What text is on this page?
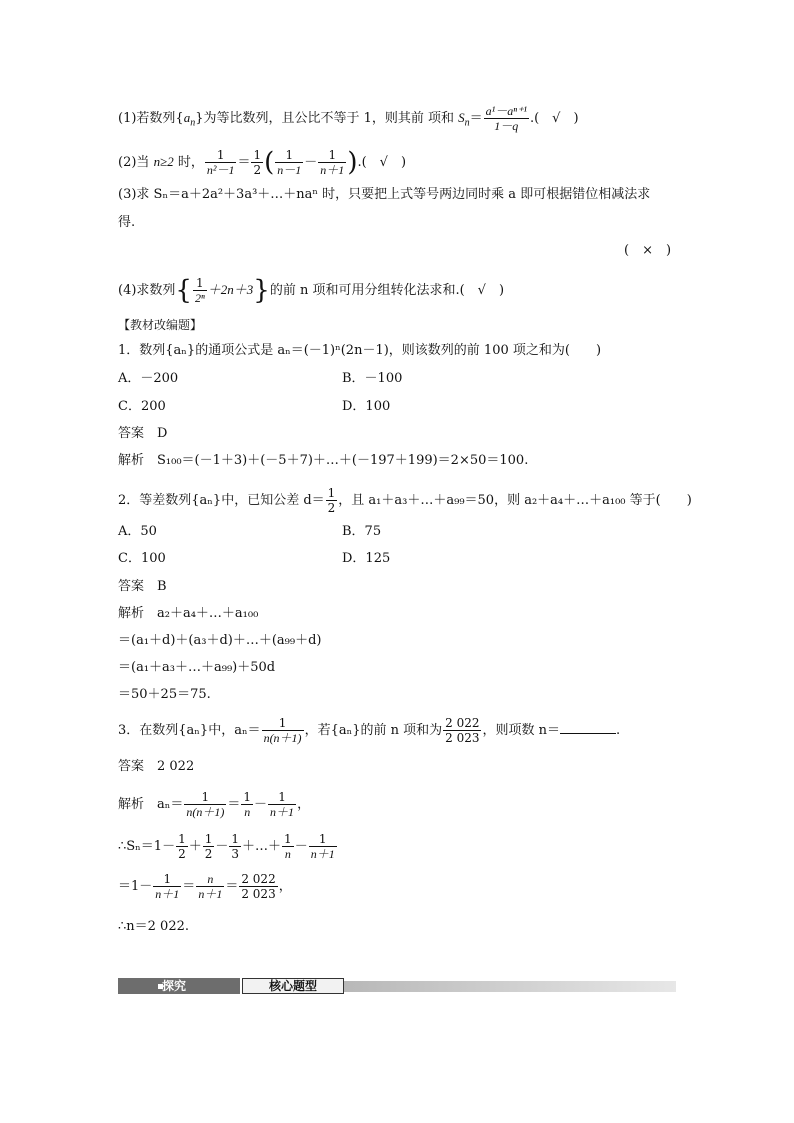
(1)若数列$\{a_n\}$为等比数列，且公比不等于 1，则其前 项和 $S_n= \frac{\text{a¹－aⁿ⁺¹}}{1-q}$ .(　√　)
(2)当 n≥2 时， $\frac{1}{\text{n²－1}} = \frac{1}{2}$ ( $\frac{1}{n-1} - \frac{1}{n+1}$ ).(　√　)
(3)求 Sₙ＝a＋2a²＋3a³＋…＋naⁿ 时，只要把上式等号两边同时乘 a 即可根据错位相减法求
得.
(　×　)
(4)求数列{ $\frac{1}{\text{2ⁿ}} +2n+3$}的前 n 项和可用分组转化法求和.(　√　)
【教材改编题】
1．数列{aₙ}的通项公式是 aₙ＝(－1)ⁿ(2n－1)，则该数列的前 100 项之和为(　　)
A．－200	B．－100
C．200	D．100
答案　D
解析　S₁₀₀＝(－1＋3)＋(－5＋7)＋…＋(－197＋199)＝2×50＝100.
2．等差数列{aₙ}中，已知公差 $d= \frac{1}{2}$ ，且 a₁＋a₃＋…＋a₉₉＝50，则 a₂＋a₄＋…＋a₁₀₀ 等于(　　)
A．50	B．75
C．100	D．125
答案　B
解析　a₂＋a₄＋…＋a₁₀₀
＝(a₁＋d)＋(a₃＋d)＋…＋(a₉₉＋d)
＝(a₁＋a₃＋…＋a₉₉)＋50d
＝50＋25＝75.
3．在数列{aₙ}中，$a_n= \frac{1}{n(n+1)}$ ，若{aₙ}的前 n 项和为 $\frac{2 022}{2 023}$ ，则项数 n＝	.
答案　2 022
解析　$a_n= \frac{1}{n(n+1)} = \frac{1}{n} - \frac{1}{n+1}$ ，
∴Sₙ＝1－ $\frac{1}{2} + \frac{1}{2} - \frac{1}{3}$ ＋…＋ $\frac{1}{n} - \frac{1}{n+1}$
$=1- \frac{1}{n+1} = \frac{n}{n+1} = \frac{2 022}{2 023}$ ，
∴n＝2 022.
探究	核心题型
